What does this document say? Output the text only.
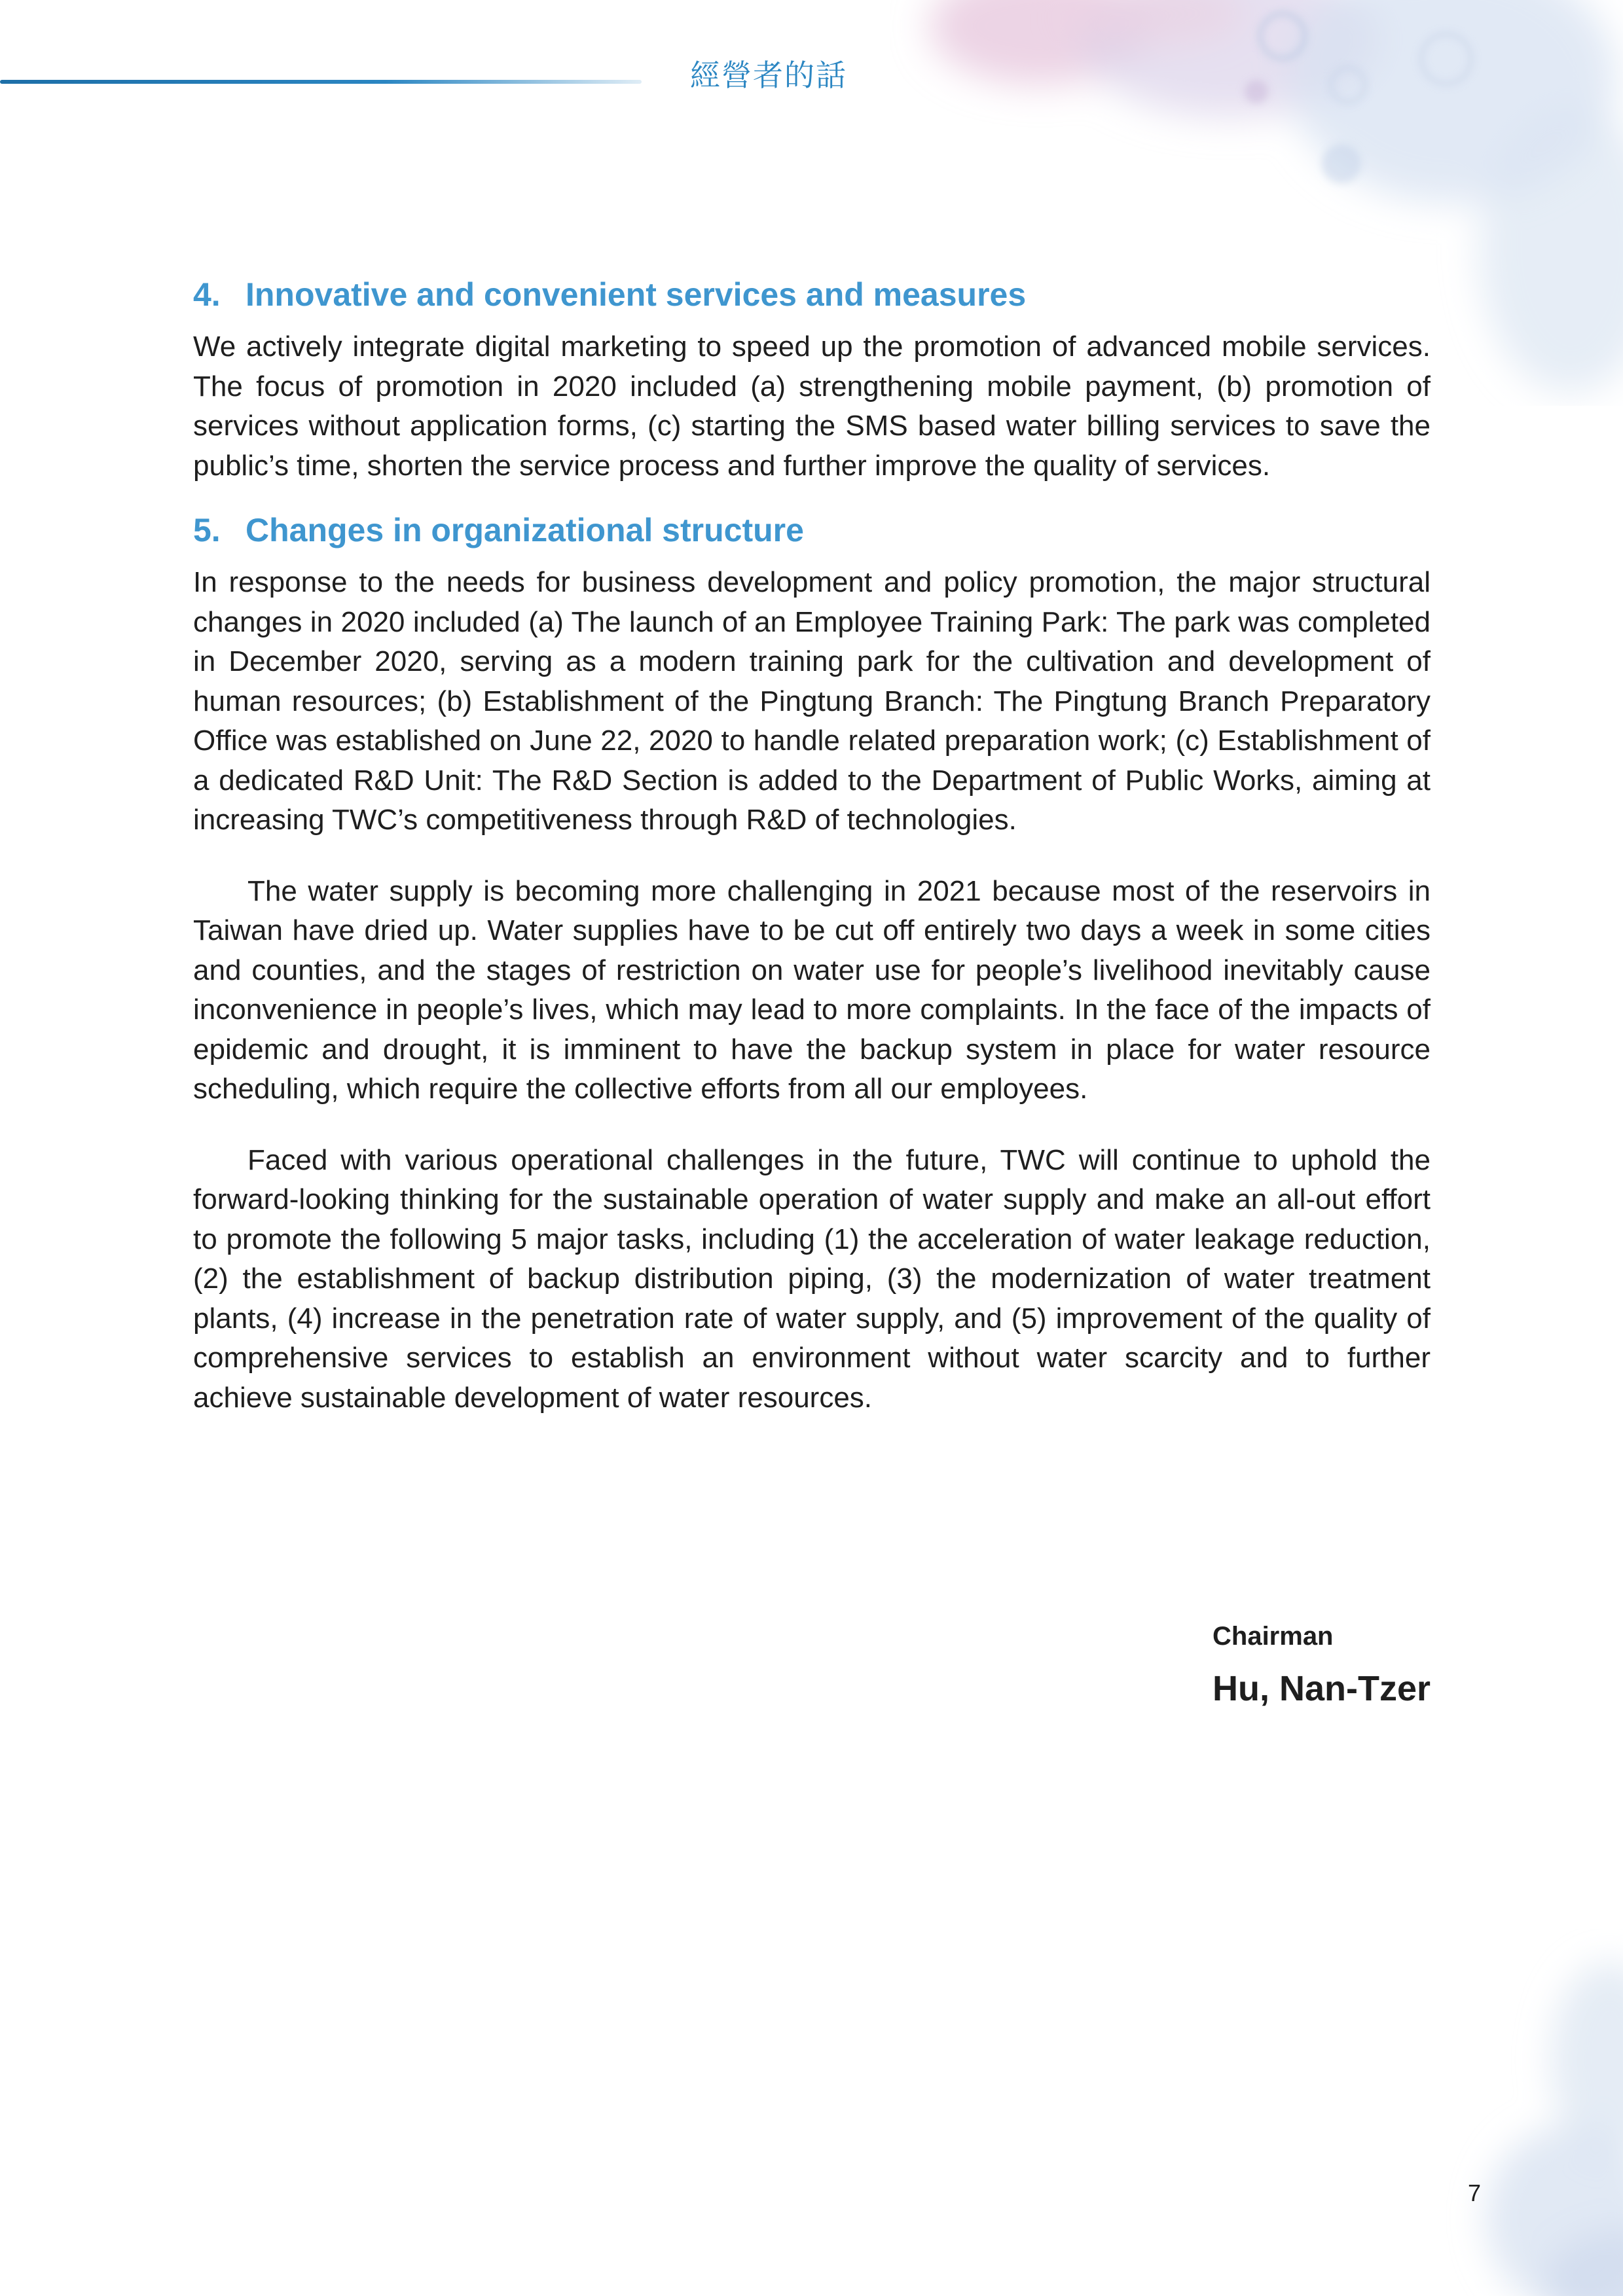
經營者的話
4. Innovative and convenient services and measures

We actively integrate digital marketing to speed up the promotion of advanced mobile services. The focus of promotion in 2020 included (a) strengthening mobile payment, (b) promotion of services without application forms, (c) starting the SMS based water billing services to save the public’s time, shorten the service process and further improve the quality of services.

5. Changes in organizational structure

In response to the needs for business development and policy promotion, the major structural changes in 2020 included (a) The launch of an Employee Training Park: The park was completed in December 2020, serving as a modern training park for the cultivation and development of human resources; (b) Establishment of the Pingtung Branch: The Pingtung Branch Preparatory Office was established on June 22, 2020 to handle related preparation work; (c) Establishment of a dedicated R&D Unit: The R&D Section is added to the Department of Public Works, aiming at increasing TWC’s competitiveness through R&D of technologies.

The water supply is becoming more challenging in 2021 because most of the reservoirs in Taiwan have dried up. Water supplies have to be cut off entirely two days a week in some cities and counties, and the stages of restriction on water use for people’s livelihood inevitably cause inconvenience in people’s lives, which may lead to more complaints. In the face of the impacts of epidemic and drought, it is imminent to have the backup system in place for water resource scheduling, which require the collective efforts from all our employees.

Faced with various operational challenges in the future, TWC will continue to uphold the forward-looking thinking for the sustainable operation of water supply and make an all-out effort to promote the following 5 major tasks, including (1) the acceleration of water leakage reduction, (2) the establishment of backup distribution piping, (3) the modernization of water treatment plants, (4) increase in the penetration rate of water supply, and (5) improvement of the quality of comprehensive services to establish an environment without water scarcity and to further achieve sustainable development of water resources.

Chairman
Hu, Nan-Tzer
7
